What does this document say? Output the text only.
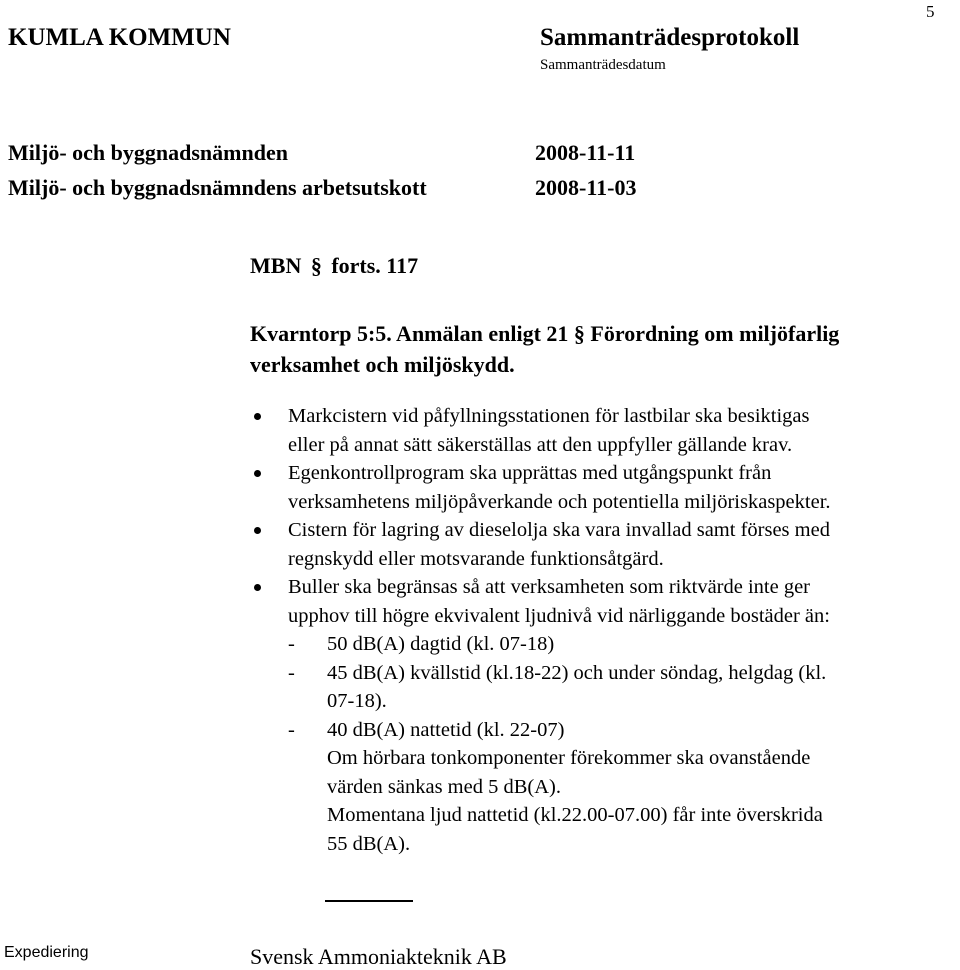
5
KUMLA KOMMUN	Sammanträdesprotokoll
Sammanträdesdatum
Miljö- och byggnadsnämnden	2008-11-11
Miljö- och byggnadsnämndens arbetsutskott	2008-11-03
MBN § forts. 117
Kvarntorp 5:5. Anmälan enligt 21 § Förordning om miljöfarlig
verksamhet och miljöskydd.
Markcistern vid påfyllningsstationen för lastbilar ska besiktigas
eller på annat sätt säkerställas att den uppfyller gällande krav.
Egenkontrollprogram ska upprättas med utgångspunkt från
verksamhetens miljöpåverkande och potentiella miljöriskaspekter.
Cistern för lagring av dieselolja ska vara invallad samt förses med
regnskydd eller motsvarande funktionsåtgärd.
Buller ska begränsas så att verksamheten som riktvärde inte ger
upphov till högre ekvivalent ljudnivå vid närliggande bostäder än:
- 50 dB(A) dagtid (kl. 07-18)
- 45 dB(A) kvällstid (kl.18-22) och under söndag, helgdag (kl.
07-18).
- 40 dB(A) nattetid (kl. 22-07)
Om hörbara tonkomponenter förekommer ska ovanstående
värden sänkas med 5 dB(A).
Momentana ljud nattetid (kl.22.00-07.00) får inte överskrida
55 dB(A).
Expediering	Svensk Ammoniakteknik AB
